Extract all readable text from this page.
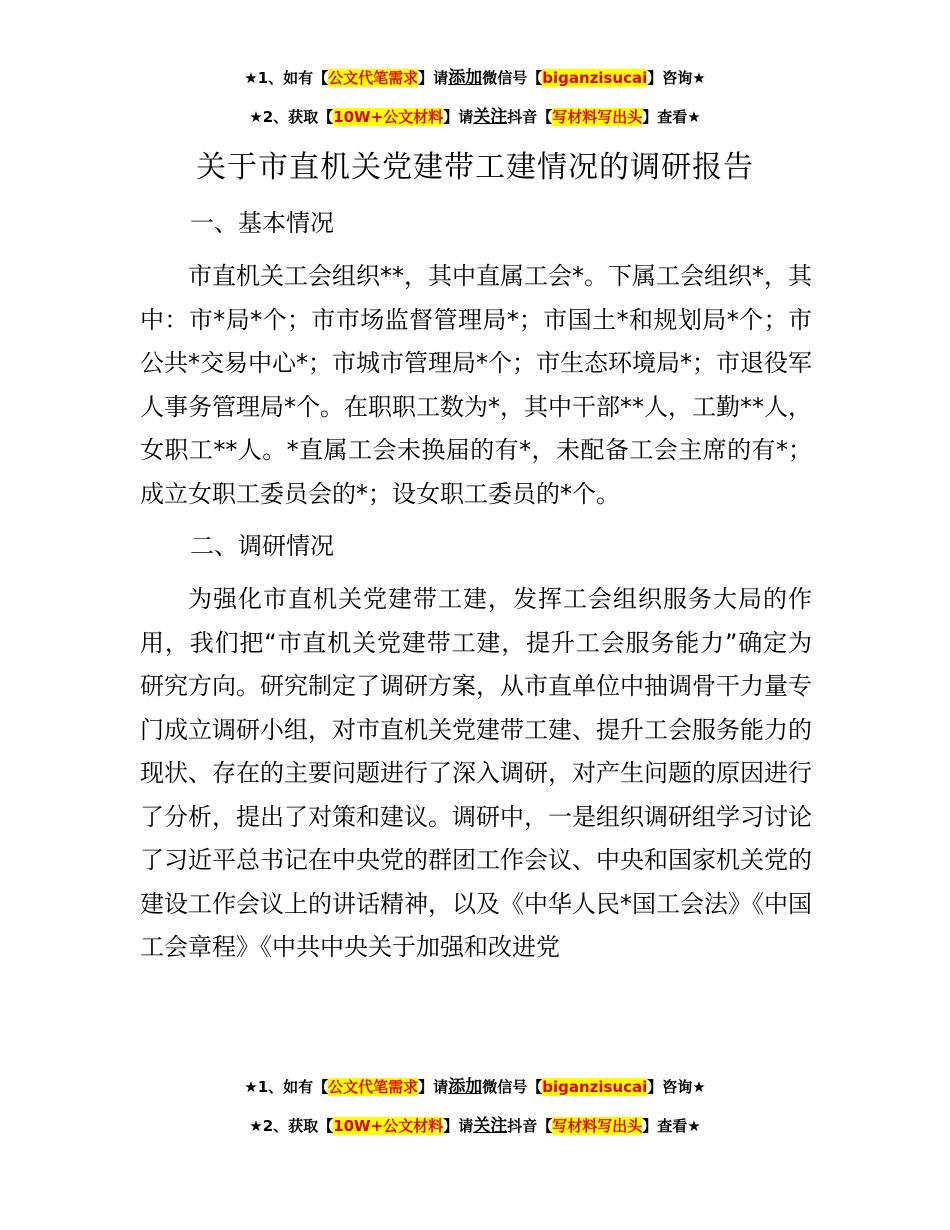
★1、如有【公文代笔需求】请添加微信号【biganzisucai】咨询★
★2、获取【10W+公文材料】请关注抖音【写材料写出头】查看★
关于市直机关党建带工建情况的调研报告
一、基本情况

市直机关工会组织**，其中直属工会*。下属工会组织*，其中：市*局*个；市市场监督管理局*；市国土*和规划局*个；市公共*交易中心*；市城市管理局*个；市生态环境局*；市退役军人事务管理局*个。在职职工数为*，其中干部**人，工勤**人，女职工**人。*直属工会未换届的有*，未配备工会主席的有*；成立女职工委员会的*；设女职工委员的*个。

二、调研情况

为强化市直机关党建带工建，发挥工会组织服务大局的作用，我们把“市直机关党建带工建，提升工会服务能力”确定为研究方向。研究制定了调研方案，从市直单位中抽调骨干力量专门成立调研小组，对市直机关党建带工建、提升工会服务能力的现状、存在的主要问题进行了深入调研，对产生问题的原因进行了分析，提出了对策和建议。调研中，一是组织调研组学习讨论了习近平总书记在中央党的群团工作会议、中央和国家机关党的建设工作会议上的讲话精神，以及《中华人民*国工会法》《中国工会章程》《中共中央关于加强和改进党

★1、如有【公文代笔需求】请添加微信号【biganzisucai】咨询★
★2、获取【10W+公文材料】请关注抖音【写材料写出头】查看★
